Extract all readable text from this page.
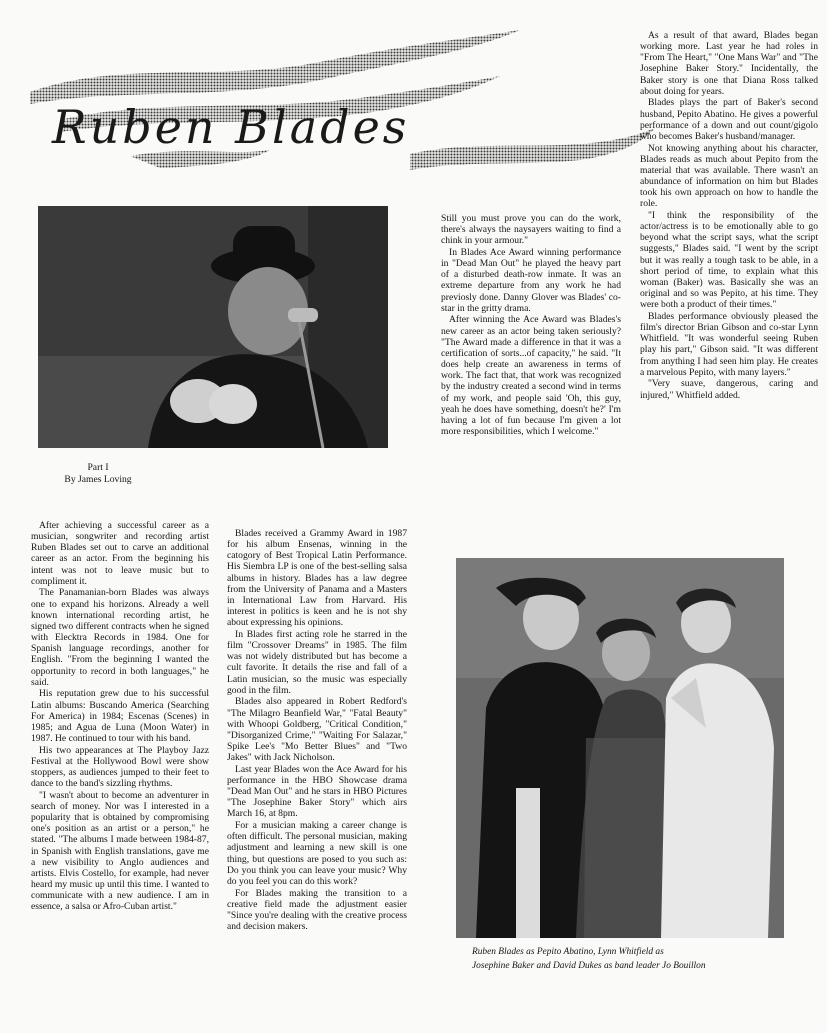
Ruben Blades
Part I
By James Loving

After achieving a successful career as a musician, songwriter and recording artist Ruben Blades set out to carve an additional career as an actor. From the beginning his intent was not to leave music but to compliment it.

The Panamanian-born Blades was always one to expand his horizons. Already a well known international recording artist, he signed two different contracts when he signed with Elecktra Records in 1984. One for Spanish language recordings, another for English. "From the beginning I wanted the opportunity to record in both languages," he said.

His reputation grew due to his successful Latin albums: Buscando America (Searching For America) in 1984; Escenas (Scenes) in 1985; and Agua de Luna (Moon Water) in 1987. He continued to tour with his band.

His two appearances at The Playboy Jazz Festival at the Hollywood Bowl were show stoppers, as audiences jumped to their feet to dance to the band's sizzling rhythms.

"I wasn't about to become an adventurer in search of money. Nor was I interested in a popularity that is obtained by compromising one's position as an artist or a person," he stated. "The albums I made between 1984-87, in Spanish with English translations, gave me a new visibility to Anglo audiences and artists. Elvis Costello, for example, had never heard my music up until this time. I wanted to communicate with a new audience. I am in essence, a salsa or Afro-Cuban artist."

Blades received a Grammy Award in 1987 for his album Ensenas, winning in the catogory of Best Tropical Latin Performance. His Siembra LP is one of the best-selling salsa albums in history. Blades has a law degree from the University of Panama and a Masters in International Law from Harvard. His interest in politics is keen and he is not shy about expressing his opinions.

In Blades first acting role he starred in the film "Crossover Dreams" in 1985. The film was not widely distributed but has become a cult favorite. It details the rise and fall of a Latin musician, so the music was especially good in the film.

Blades also appeared in Robert Redford's "The Milagro Beanfield War," "Fatal Beauty" with Whoopi Goldberg, "Critical Condition," "Disorganized Crime," "Waiting For Salazar," Spike Lee's "Mo Better Blues" and "Two Jakes" with Jack Nicholson.

Last year Blades won the Ace Award for his performance in the HBO Showcase drama "Dead Man Out" and he stars in HBO Pictures "The Josephine Baker Story" which airs March 16, at 8pm.

For a musician making a career change is often difficult. The personal musician, making adjustment and learning a new skill is one thing, but questions are posed to you such as: Do you think you can leave your music? Why do you feel you can do this work?

For Blades making the transition to a creative field made the adjustment easier "Since you're dealing with the creative process and decision makers.

Still you must prove you can do the work, there's always the naysayers waiting to find a chink in your armour."

In Blades Ace Award winning performance in "Dead Man Out" he played the heavy part of a disturbed death-row inmate. It was an extreme departure from any work he had previosly done. Danny Glover was Blades' co-star in the gritty drama.

After winning the Ace Award was Blades's new career as an actor being taken seriously? "The Award made a difference in that it was a certification of sorts...of capacity," he said. "It does help create an awareness in terms of work. The fact that, that work was recognized by the industry created a second wind in terms of my work, and people said 'Oh, this guy, yeah he does have something, doesn't he?' I'm having a lot of fun because I'm given a lot more responsibilities, which I welcome."

As a result of that award, Blades began working more. Last year he had roles in "From The Heart," "One Mans War" and "The Josephine Baker Story." Incidentally, the Baker story is one that Diana Ross talked about doing for years.

Blades plays the part of Baker's second husband, Pepito Abatino. He gives a powerful performance of a down and out count/gigolo who becomes Baker's husband/manager.

Not knowing anything about his character, Blades reads as much about Pepito from the material that was available. There wasn't an abundance of information on him but Blades took his own approach on how to handle the role.

"I think the responsibility of the actor/actress is to be emotionally able to go beyond what the script says, what the script suggests," Blades said. "I went by the script but it was really a tough task to be able, in a short period of time, to explain what this woman (Baker) was. Basically she was an original and so was Pepito, at his time. They were both a product of their times."

Blades performance obviously pleased the film's director Brian Gibson and co-star Lynn Whitfield. "It was wonderful seeing Ruben play his part," Gibson said. "It was different from anything I had seen him play. He creates a marvelous Pepito, with many layers."

"Very suave, dangerous, caring and injured," Whitfield added.

Ruben Blades as Pepito Abatino, Lynn Whitfield as
Josephine Baker and David Dukes as band leader Jo Bouillon
